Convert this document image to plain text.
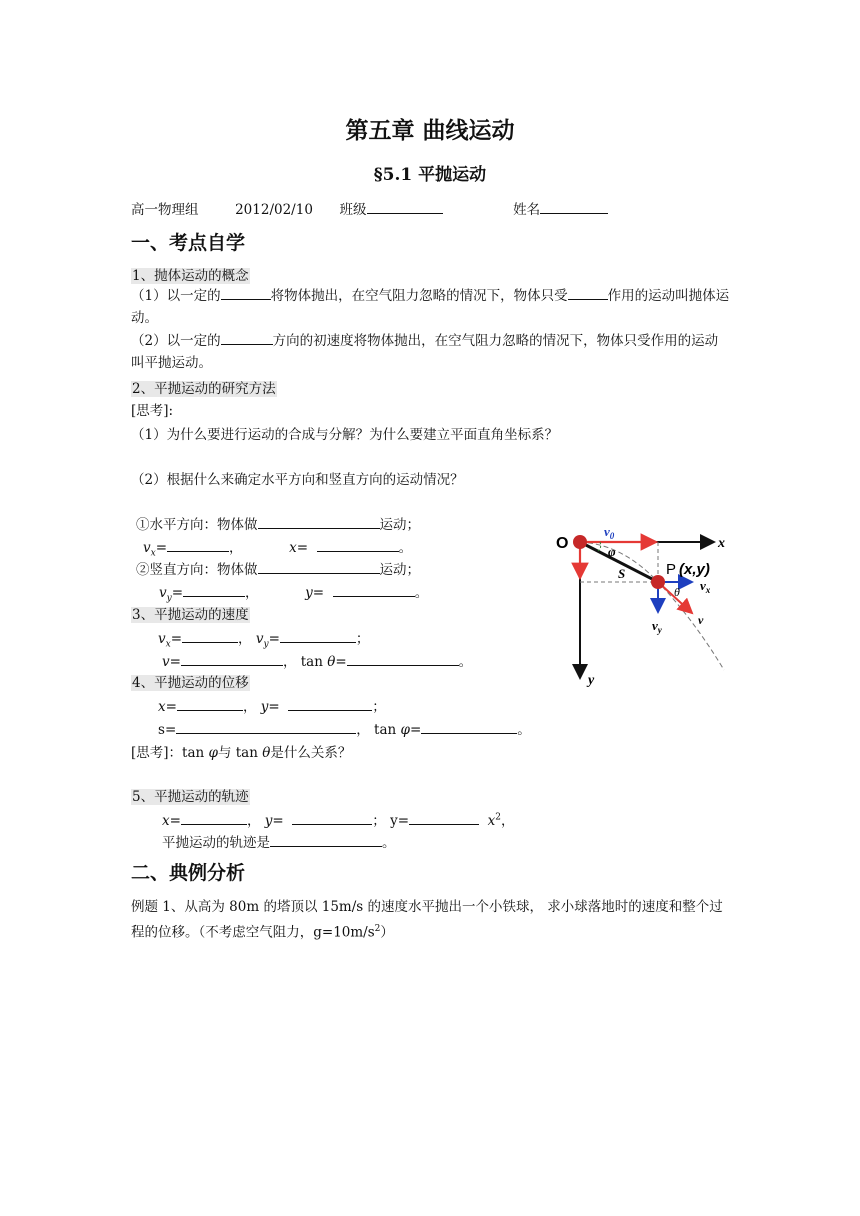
第五章 曲线运动
§5.1 平抛运动
高一物理组	2012/02/10 班级	姓名
一、考点自学
1、抛体运动的概念
（1）以一定的	将物体抛出，在空气阻力忽略的情况下，物体只受	作用的运动叫抛体运动。
（2）以一定的	方向的初速度将物体抛出，在空气阻力忽略的情况下，物体只受作用的运动叫平抛运动。
2、平抛运动的研究方法
[思考]:
（1）为什么要进行运动的合成与分解？为什么要建立平面直角坐标系？
（2）根据什么来确定水平方向和竖直方向的运动情况？
①水平方向：物体做	运动；
$v_x=$	，	x=	。
②竖直方向：物体做	运动；
$v_y=$	，	y=	。
3、平抛运动的速度
$v_x=$	， $v_y=$	；
v=	， tan θ=	。
4、平抛运动的位移
x=	， y=	；
s=	， tan φ=	。
[思考]：tan φ与 tan θ是什么关系？
5、平抛运动的轨迹
x=	， y=	； y=	$x^2$，
平抛运动的轨迹是	。
二、典例分析
例题 1、从高为 80m 的塔顶以 15m/s 的速度水平抛出一个小铁球， 求小球落地时的速度和整个过程的位移。（不考虑空气阻力，$g=10m/s^2$）
O
$v_0$	x
y
φ
S	P (x,y)
θ $v_x$
$v_y$
v
